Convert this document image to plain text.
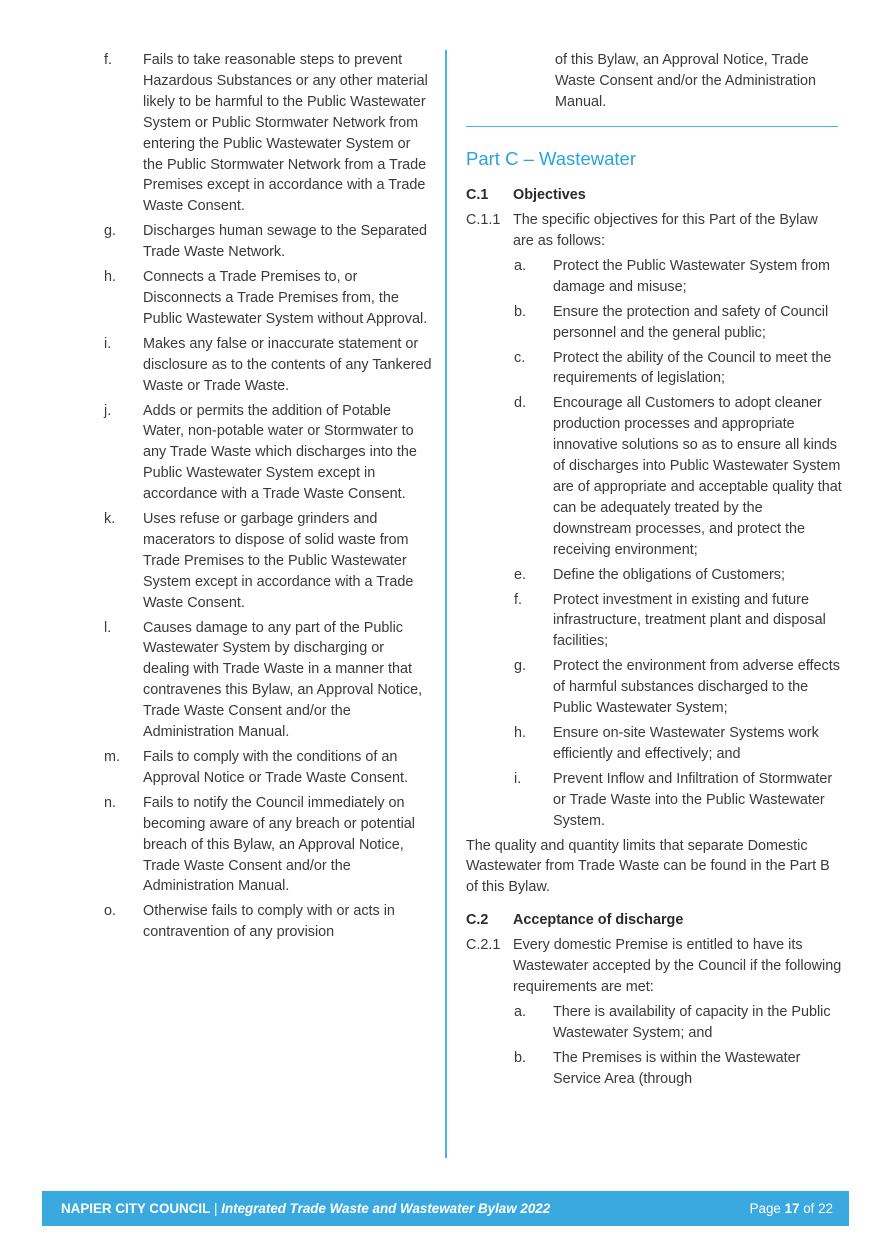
f.	Fails to take reasonable steps to prevent Hazardous Substances or any other material likely to be harmful to the Public Wastewater System or Public Stormwater Network from entering the Public Wastewater System or the Public Stormwater Network from a Trade Premises except in accordance with a Trade Waste Consent.
g.	Discharges human sewage to the Separated Trade Waste Network.
h.	Connects a Trade Premises to, or Disconnects a Trade Premises from, the Public Wastewater System without Approval.
i.	Makes any false or inaccurate statement or disclosure as to the contents of any Tankered Waste or Trade Waste.
j.	Adds or permits the addition of Potable Water, non-potable water or Stormwater to any Trade Waste which discharges into the Public Wastewater System except in accordance with a Trade Waste Consent.
k.	Uses refuse or garbage grinders and macerators to dispose of solid waste from Trade Premises to the Public Wastewater System except in accordance with a Trade Waste Consent.
l.	Causes damage to any part of the Public Wastewater System by discharging or dealing with Trade Waste in a manner that contravenes this Bylaw, an Approval Notice, Trade Waste Consent and/or the Administration Manual.
m.	Fails to comply with the conditions of an Approval Notice or Trade Waste Consent.
n.	Fails to notify the Council immediately on becoming aware of any breach or potential breach of this Bylaw, an Approval Notice, Trade Waste Consent and/or the Administration Manual.
o.	Otherwise fails to comply with or acts in contravention of any provision
of this Bylaw, an Approval Notice, Trade Waste Consent and/or the Administration Manual.
Part C – Wastewater
C.1	Objectives
C.1.1 The specific objectives for this Part of the Bylaw are as follows:
a.	Protect the Public Wastewater System from damage and misuse;
b.	Ensure the protection and safety of Council personnel and the general public;
c.	Protect the ability of the Council to meet the requirements of legislation;
d.	Encourage all Customers to adopt cleaner production processes and appropriate innovative solutions so as to ensure all kinds of discharges into Public Wastewater System are of appropriate and acceptable quality that can be adequately treated by the downstream processes, and protect the receiving environment;
e.	Define the obligations of Customers;
f.	Protect investment in existing and future infrastructure, treatment plant and disposal facilities;
g.	Protect the environment from adverse effects of harmful substances discharged to the Public Wastewater System;
h.	Ensure on-site Wastewater Systems work efficiently and effectively; and
i.	Prevent Inflow and Infiltration of Stormwater or Trade Waste into the Public Wastewater System.
The quality and quantity limits that separate Domestic Wastewater from Trade Waste can be found in the Part B of this Bylaw.
C.2	Acceptance of discharge
C.2.1 Every domestic Premise is entitled to have its Wastewater accepted by the Council if the following requirements are met:
a.	There is availability of capacity in the Public Wastewater System; and
b.	The Premises is within the Wastewater Service Area (through
NAPIER CITY COUNCIL | Integrated Trade Waste and Wastewater Bylaw 2022	Page 17 of 22
